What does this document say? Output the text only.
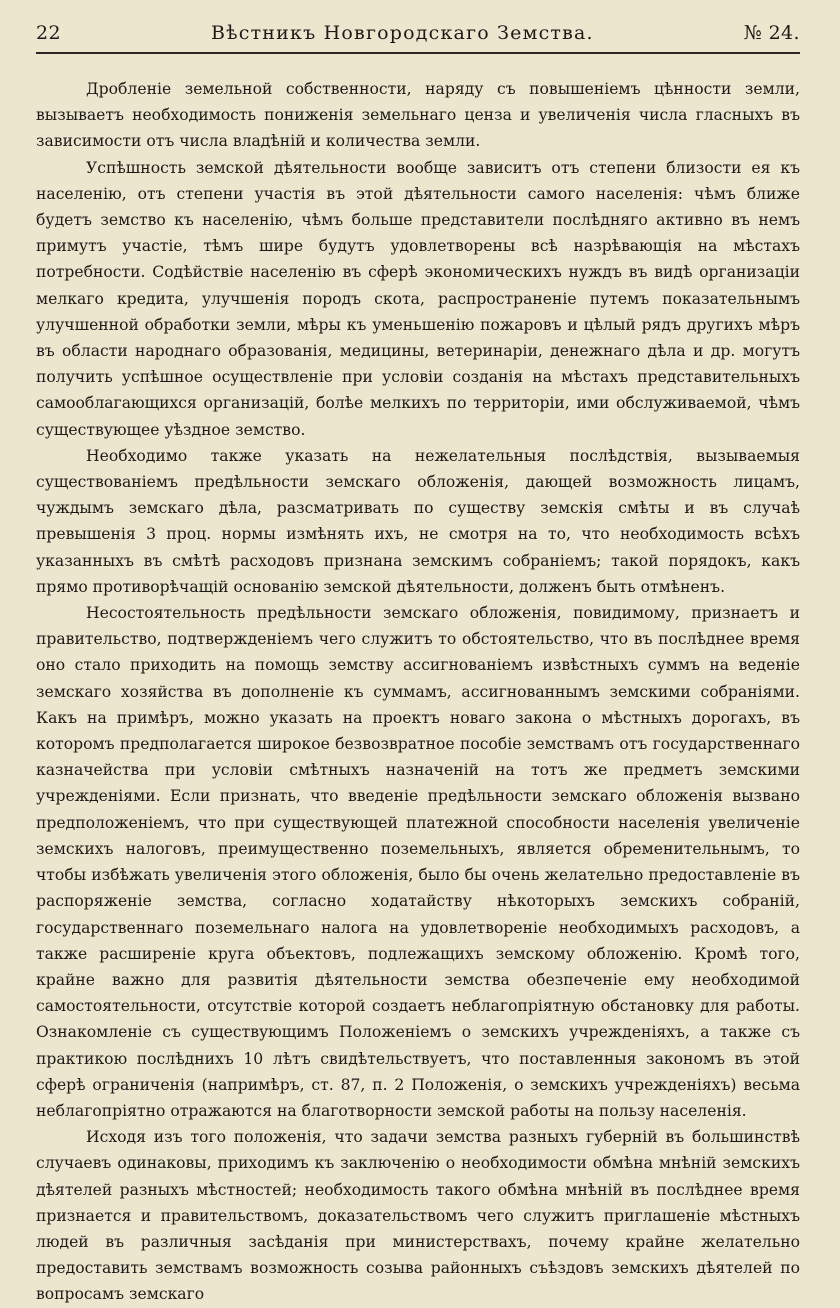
22	Вѣстникъ Новгородскаго Земства.	№ 24.

Дробленіе земельной собственности, наряду съ повышеніемъ цѣнности земли, вызываетъ необходимость пониженія земельнаго ценза и увеличенія числа гласныхъ въ зависимости отъ числа владѣній и количества земли.

Успѣшность земской дѣятельности вообще зависитъ отъ степени близости ея къ населенію, отъ степени участія въ этой дѣятельности самого населенія: чѣмъ ближе будетъ земство къ населенію, чѣмъ больше представители послѣдняго активно въ немъ примутъ участіе, тѣмъ шире будутъ удовлетворены всѣ назрѣвающія на мѣстахъ потребности. Содѣйствіе населенію въ сферѣ экономическихъ нуждъ въ видѣ организаціи мелкаго кредита, улучшенія породъ скота, распространеніе путемъ показательнымъ улучшенной обработки земли, мѣры къ уменьшенію пожаровъ и цѣлый рядъ другихъ мѣръ въ области народнаго образованія, медицины, ветеринаріи, денежнаго дѣла и др. могутъ получить успѣшное осуществленіе при условіи созданія на мѣстахъ представительныхъ самооблагающихся организацій, болѣе мелкихъ по территоріи, ими обслуживаемой, чѣмъ существующее уѣздное земство.

Необходимо также указать на нежелательныя послѣдствія, вызываемыя существованіемъ предѣльности земскаго обложенія, дающей возможность лицамъ, чуждымъ земскаго дѣла, разсматривать по существу земскія смѣты и въ случаѣ превышенія 3 проц. нормы измѣнять ихъ, не смотря на то, что необходимость всѣхъ указанныхъ въ смѣтѣ расходовъ признана земскимъ собраніемъ; такой порядокъ, какъ прямо противорѣчащій основанію земской дѣятельности, долженъ быть отмѣненъ.

Несостоятельность предѣльности земскаго обложенія, повидимому, признаетъ и правительство, подтвержденіемъ чего служитъ то обстоятельство, что въ послѣднее время оно стало приходить на помощь земству ассигнованіемъ извѣстныхъ суммъ на веденіе земскаго хозяйства въ дополненіе къ суммамъ, ассигнованнымъ земскими собраніями. Какъ на примѣръ, можно указать на проектъ новаго закона о мѣстныхъ дорогахъ, въ которомъ предполагается широкое безвозвратное пособіе земствамъ отъ государственнаго казначейства при условіи смѣтныхъ назначеній на тотъ же предметъ земскими учрежденіями. Если признать, что введеніе предѣльности земскаго обложенія вызвано предположеніемъ, что при существующей платежной способности населенія увеличеніе земскихъ налоговъ, преимущественно поземельныхъ, является обременительнымъ, то чтобы избѣжать увеличенія этого обложенія, было бы очень желательно предоставленіе въ распоряженіе земства, согласно ходатайству нѣкоторыхъ земскихъ собраній, государственнаго поземельнаго налога на удовлетвореніе необходимыхъ расходовъ, а также расширеніе круга объектовъ, подлежащихъ земскому обложенію. Кромѣ того, крайне важно для развитія дѣятельности земства обезпеченіе ему необходимой самостоятельности, отсутствіе которой создаетъ неблагопріятную обстановку для работы. Ознакомленіе съ существующимъ Положеніемъ о земскихъ учрежденіяхъ, а также съ практикою послѣднихъ 10 лѣтъ свидѣтельствуетъ, что поставленныя закономъ въ этой сферѣ ограниченія (напримѣръ, ст. 87, п. 2 Положенія, о земскихъ учрежденіяхъ) весьма неблагопріятно отражаются на благотворности земской работы на пользу населенія.

Исходя изъ того положенія, что задачи земства разныхъ губерній въ большинствѣ случаевъ одинаковы, приходимъ къ заключенію о необходимости обмѣна мнѣній земскихъ дѣятелей разныхъ мѣстностей; необходимость такого обмѣна мнѣній въ послѣднее время признается и правительствомъ, доказательствомъ чего служитъ приглашеніе мѣстныхъ людей въ различныя засѣданія при министерствахъ, почему крайне желательно предоставить земствамъ возможность созыва районныхъ съѣздовъ земскихъ дѣятелей по вопросамъ земскаго
